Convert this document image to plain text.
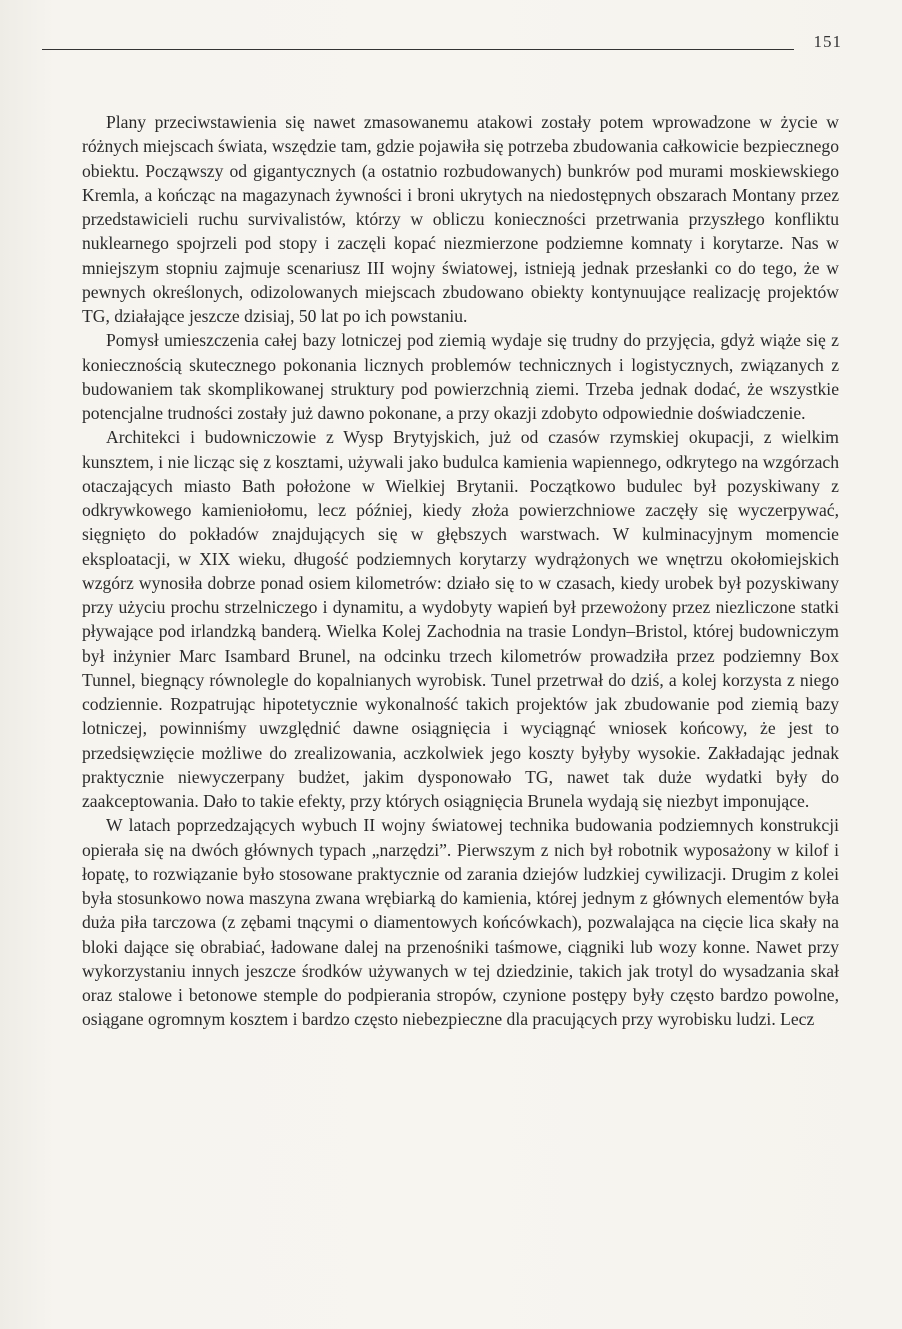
151

Plany przeciwstawienia się nawet zmasowanemu atakowi zostały potem wprowadzone w życie w różnych miejscach świata, wszędzie tam, gdzie pojawiła się potrzeba zbudowania całkowicie bezpiecznego obiektu. Począwszy od gigantycznych (a ostatnio rozbudowanych) bunkrów pod murami moskiewskiego Kremla, a kończąc na magazynach żywności i broni ukrytych na niedostępnych obszarach Montany przez przedstawicieli ruchu survivalistów, którzy w obliczu konieczności przetrwania przyszłego konfliktu nuklearnego spojrzeli pod stopy i zaczęli kopać niezmierzone podziemne komnaty i korytarze. Nas w mniejszym stopniu zajmuje scenariusz III wojny światowej, istnieją jednak przesłanki co do tego, że w pewnych określonych, odizolowanych miejscach zbudowano obiekty kontynuujące realizację projektów TG, działające jeszcze dzisiaj, 50 lat po ich powstaniu.

Pomysł umieszczenia całej bazy lotniczej pod ziemią wydaje się trudny do przyjęcia, gdyż wiąże się z koniecznością skutecznego pokonania licznych problemów technicznych i logistycznych, związanych z budowaniem tak skomplikowanej struktury pod powierzchnią ziemi. Trzeba jednak dodać, że wszystkie potencjalne trudności zostały już dawno pokonane, a przy okazji zdobyto odpowiednie doświadczenie.

Architekci i budowniczowie z Wysp Brytyjskich, już od czasów rzymskiej okupacji, z wielkim kunsztem, i nie licząc się z kosztami, używali jako budulca kamienia wapiennego, odkrytego na wzgórzach otaczających miasto Bath położone w Wielkiej Brytanii. Początkowo budulec był pozyskiwany z odkrywkowego kamieniołomu, lecz później, kiedy złoża powierzchniowe zaczęły się wyczerpywać, sięgnięto do pokładów znajdujących się w głębszych warstwach. W kulminacyjnym momencie eksploatacji, w XIX wieku, długość podziemnych korytarzy wydrążonych we wnętrzu okołomiejskich wzgórz wynosiła dobrze ponad osiem kilometrów: działo się to w czasach, kiedy urobek był pozyskiwany przy użyciu prochu strzelniczego i dynamitu, a wydobyty wapień był przewożony przez niezliczone statki pływające pod irlandzką banderą. Wielka Kolej Zachodnia na trasie Londyn–Bristol, której budowniczym był inżynier Marc Isambard Brunel, na odcinku trzech kilometrów prowadziła przez podziemny Box Tunnel, biegnący równolegle do kopalnianych wyrobisk. Tunel przetrwał do dziś, a kolej korzysta z niego codziennie. Rozpatrując hipotetycznie wykonalność takich projektów jak zbudowanie pod ziemią bazy lotniczej, powinniśmy uwzględnić dawne osiągnięcia i wyciągnąć wniosek końcowy, że jest to przedsięwzięcie możliwe do zrealizowania, aczkolwiek jego koszty byłyby wysokie. Zakładając jednak praktycznie niewyczerpany budżet, jakim dysponowało TG, nawet tak duże wydatki były do zaakceptowania. Dało to takie efekty, przy których osiągnięcia Brunela wydają się niezbyt imponujące.

W latach poprzedzających wybuch II wojny światowej technika budowania podziemnych konstrukcji opierała się na dwóch głównych typach „narzędzi”. Pierwszym z nich był robotnik wyposażony w kilof i łopatę, to rozwiązanie było stosowane praktycznie od zarania dziejów ludzkiej cywilizacji. Drugim z kolei była stosunkowo nowa maszyna zwana wrębiarką do kamienia, której jednym z głównych elementów była duża piła tarczowa (z zębami tnącymi o diamentowych końcówkach), pozwalająca na cięcie lica skały na bloki dające się obrabiać, ładowane dalej na przenośniki taśmowe, ciągniki lub wozy konne. Nawet przy wykorzystaniu innych jeszcze środków używanych w tej dziedzinie, takich jak trotyl do wysadzania skał oraz stalowe i betonowe stemple do podpierania stropów, czynione postępy były często bardzo powolne, osiągane ogromnym kosztem i bardzo często niebezpieczne dla pracujących przy wyrobisku ludzi. Lecz
